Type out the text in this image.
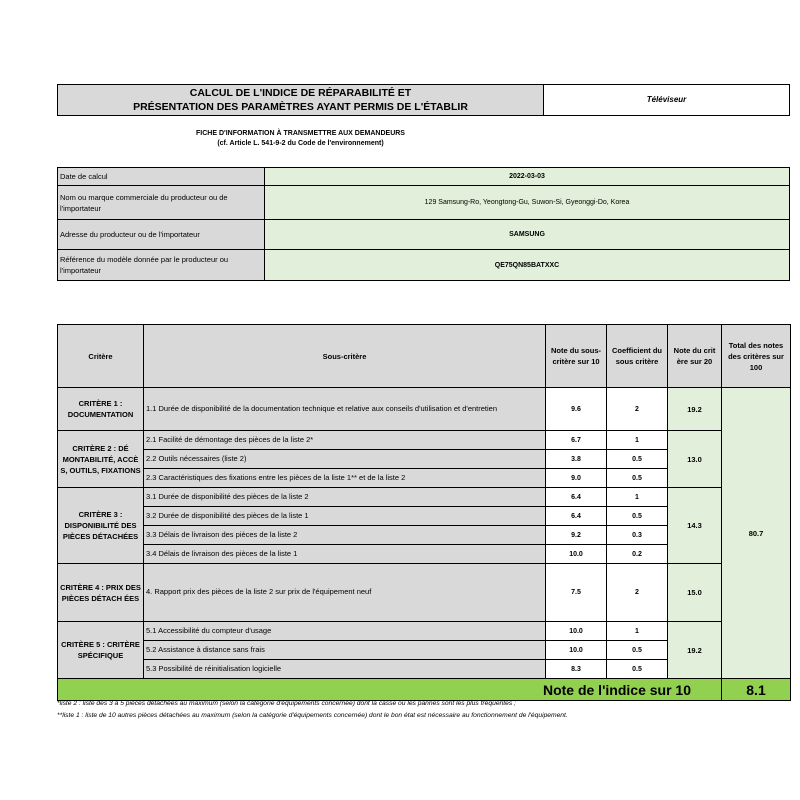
CALCUL DE L'INDICE DE RÉPARABILITÉ ET
PRÉSENTATION DES PARAMÈTRES AYANT PERMIS DE L'ÉTABLIR
Téléviseur
FICHE D'INFORMATION À TRANSMETTRE AUX DEMANDEURS
(cf. Article L. 541-9-2 du Code de l'environnement)
Date de calcul	2022-03-03
Nom ou marque commerciale du producteur ou de l'importateur	129 Samsung-Ro, Yeongtong-Gu, Suwon-Si, Gyeonggi-Do, Korea
Adresse du producteur ou de l'importateur	SAMSUNG
Référence du modèle donnée par le producteur ou l'importateur	QE75QN85BATXXC
Critère	Sous-critère	Note du sous-critère sur 10	Coefficient du sous critère	Note du crit ère sur 20	Total des notes des critères sur 100
CRITÈRE 1 : DOCUMENTATION	1.1 Durée de disponibilité de la documentation technique et relative aux conseils d'utilisation et d'entretien	9.6	2	19.2	80.7
CRITÈRE 2 : DÉ MONTABILITÉ, ACCÈ S, OUTILS, FIXATIONS	2.1 Facilité de démontage des pièces de la liste 2*	6.7	1	13.0	
	2.2 Outils nécessaires (liste 2)	3.8	0.5		
	2.3 Caractéristiques des fixations entre les pièces de la liste 1** et de la liste 2	9.0	0.5		
CRITÈRE 3 : DISPONIBILITÉ DES PIÈCES DÉTACHÉES	3.1 Durée de disponibilité des pièces de la liste 2	6.4	1	14.3	
	3.2 Durée de disponibilité des pièces de la liste 1	6.4	0.5		
	3.3 Délais de livraison des pièces de la liste 2	9.2	0.3		
	3.4 Délais de livraison des pièces de la liste 1	10.0	0.2		
CRITÈRE 4 : PRIX DES PIÈCES DÉTACH ÉES	4. Rapport prix des pièces de la liste 2 sur prix de l'équipement neuf	7.5	2	15.0	
CRITÈRE 5 : CRITÈRE SPÉCIFIQUE	5.1 Accessibilité du compteur d'usage	10.0	1	19.2	
	5.2 Assistance à distance sans frais	10.0	0.5		
	5.3 Possibilité de réinitialisation logicielle	8.3	0.5		
Note de l'indice sur 10					8.1
*liste 2 : liste des 3 à 5 pièces détachées au maximum (selon la catégorie d'équipements concernée) dont la casse ou les pannes sont les plus fréquentes ;
**liste 1 : liste de 10 autres pièces détachées au maximum (selon la catégorie d'équipements concernée) dont le bon état est nécessaire au fonctionnement de l'équipement.
